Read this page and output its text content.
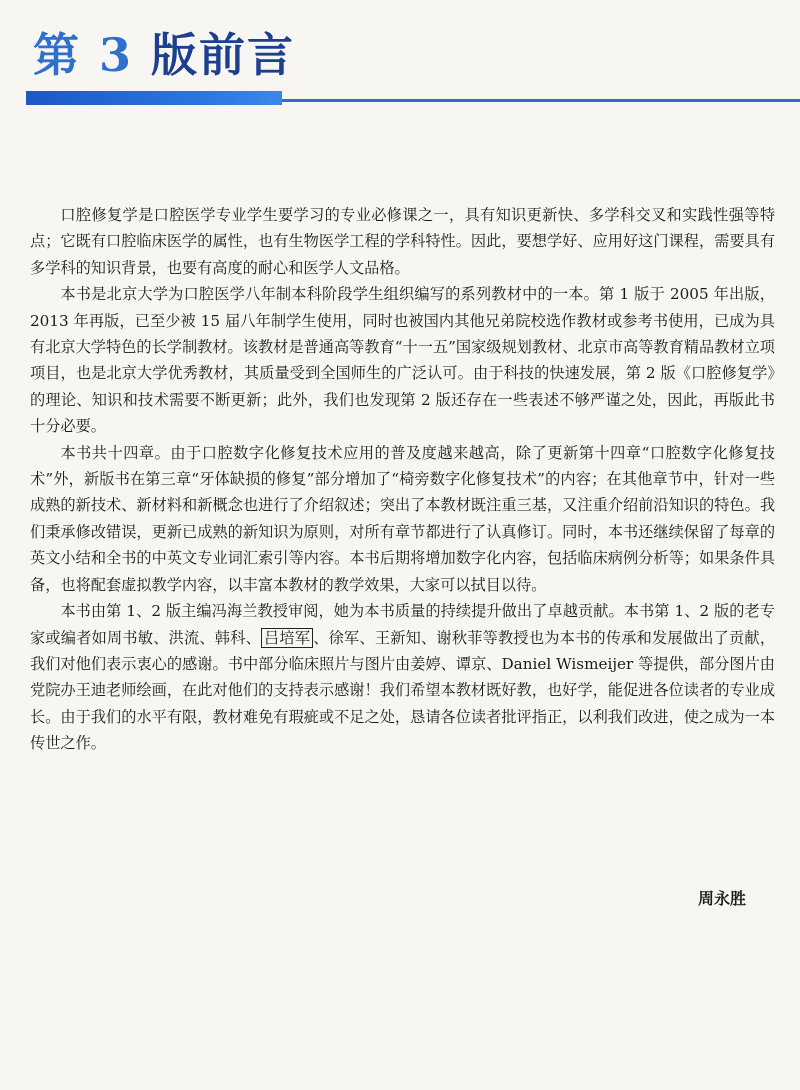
第 3 版前言

口腔修复学是口腔医学专业学生要学习的专业必修课之一，具有知识更新快、多学科交叉和实践性强等特点；它既有口腔临床医学的属性，也有生物医学工程的学科特性。因此，要想学好、应用好这门课程，需要具有多学科的知识背景，也要有高度的耐心和医学人文品格。

本书是北京大学为口腔医学八年制本科阶段学生组织编写的系列教材中的一本。第 1 版于 2005 年出版，2013 年再版，已至少被 15 届八年制学生使用，同时也被国内其他兄弟院校选作教材或参考书使用，已成为具有北京大学特色的长学制教材。该教材是普通高等教育“十一五”国家级规划教材、北京市高等教育精品教材立项项目，也是北京大学优秀教材，其质量受到全国师生的广泛认可。由于科技的快速发展，第 2 版《口腔修复学》的理论、知识和技术需要不断更新；此外，我们也发现第 2 版还存在一些表述不够严谨之处，因此，再版此书十分必要。

本书共十四章。由于口腔数字化修复技术应用的普及度越来越高，除了更新第十四章“口腔数字化修复技术”外，新版书在第三章“牙体缺损的修复”部分增加了“椅旁数字化修复技术”的内容；在其他章节中，针对一些成熟的新技术、新材料和新概念也进行了介绍叙述；突出了本教材既注重三基，又注重介绍前沿知识的特色。我们秉承修改错误，更新已成熟的新知识为原则，对所有章节都进行了认真修订。同时，本书还继续保留了每章的英文小结和全书的中英文专业词汇索引等内容。本书后期将增加数字化内容，包括临床病例分析等；如果条件具备，也将配套虚拟教学内容，以丰富本教材的教学效果，大家可以拭目以待。

本书由第 1、2 版主编冯海兰教授审阅，她为本书质量的持续提升做出了卓越贡献。本书第 1、2 版的老专家或编者如周书敏、洪流、韩科、 吕培军 、徐军、王新知、谢秋菲等教授也为本书的传承和发展做出了贡献，我们对他们表示衷心的感谢。书中部分临床照片与图片由姜婷、谭京、Daniel Wismeijer 等提供，部分图片由党院办王迪老师绘画，在此对他们的支持表示感谢！我们希望本教材既好教，也好学，能促进各位读者的专业成长。由于我们的水平有限，教材难免有瑕疵或不足之处，恳请各位读者批评指正，以利我们改进，使之成为一本传世之作。

周永胜
